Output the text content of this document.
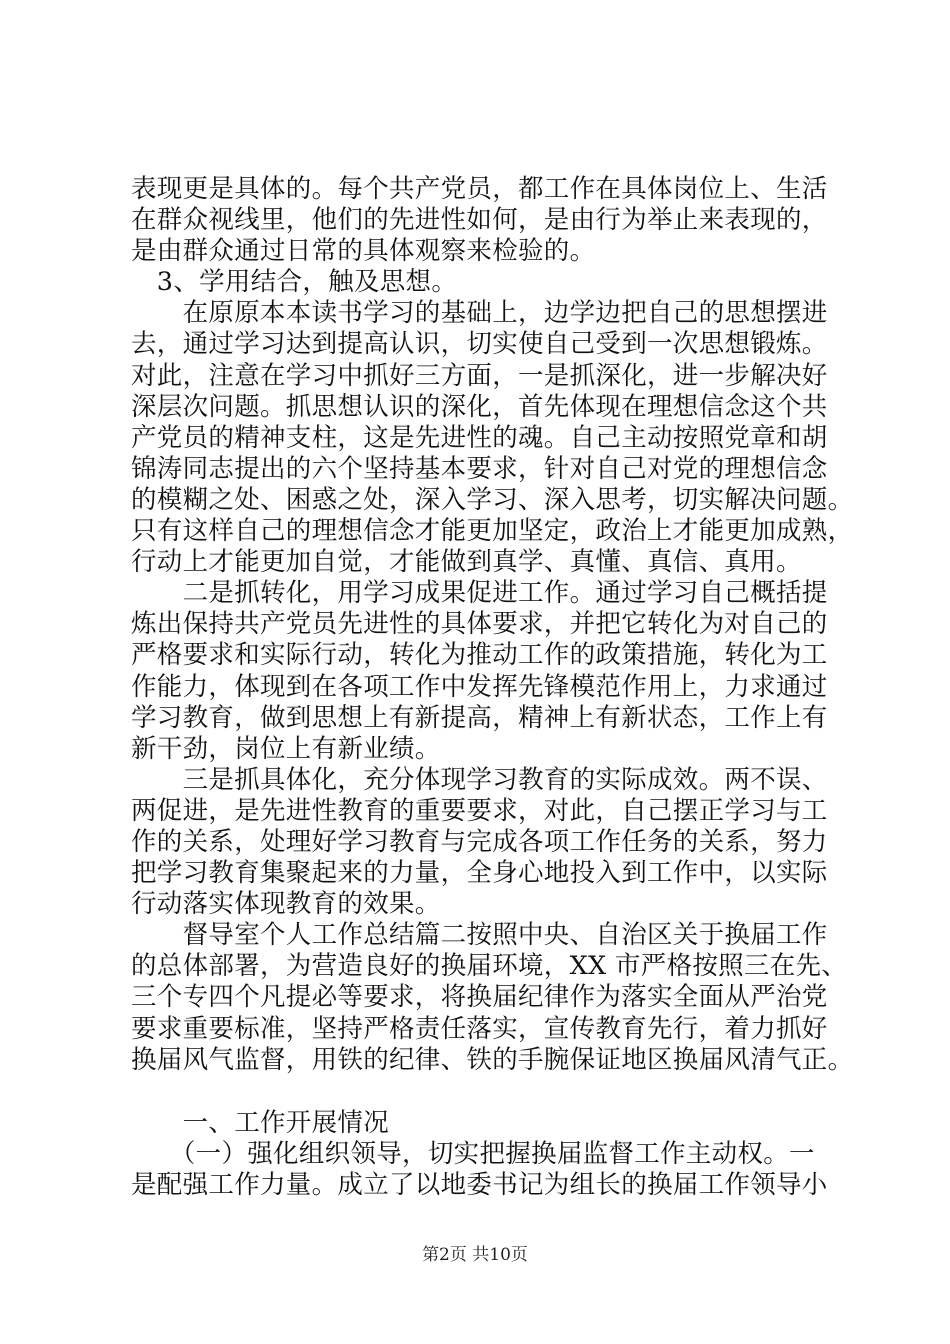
表现更是具体的。每个共产党员，都工作在具体岗位上、生活

在群众视线里，他们的先进性如何，是由行为举止来表现的，

是由群众通过日常的具体观察来检验的。

　3、学用结合，触及思想。

　　在原原本本读书学习的基础上，边学边把自己的思想摆进

去，通过学习达到提高认识，切实使自己受到一次思想锻炼。

对此，注意在学习中抓好三方面，一是抓深化，进一步解决好

深层次问题。抓思想认识的深化，首先体现在理想信念这个共

产党员的精神支柱，这是先进性的魂。自己主动按照党章和胡

锦涛同志提出的六个坚持基本要求，针对自己对党的理想信念

的模糊之处、困惑之处，深入学习、深入思考，切实解决问题。

只有这样自己的理想信念才能更加坚定，政治上才能更加成熟，

行动上才能更加自觉，才能做到真学、真懂、真信、真用。

　　二是抓转化，用学习成果促进工作。通过学习自己概括提

炼出保持共产党员先进性的具体要求，并把它转化为对自己的

严格要求和实际行动，转化为推动工作的政策措施，转化为工

作能力，体现到在各项工作中发挥先锋模范作用上，力求通过

学习教育，做到思想上有新提高，精神上有新状态，工作上有

新干劲，岗位上有新业绩。

　　三是抓具体化，充分体现学习教育的实际成效。两不误、

两促进，是先进性教育的重要要求，对此，自己摆正学习与工

作的关系，处理好学习教育与完成各项工作任务的关系，努力

把学习教育集聚起来的力量，全身心地投入到工作中，以实际

行动落实体现教育的效果。

　　督导室个人工作总结篇二按照中央、自治区关于换届工作

的总体部署，为营造良好的换届环境，XX 市严格按照三在先、

三个专四个凡提必等要求，将换届纪律作为落实全面从严治党

要求重要标准，坚持严格责任落实，宣传教育先行，着力抓好

换届风气监督，用铁的纪律、铁的手腕保证地区换届风清气正。

　　一、工作开展情况

　　（一）强化组织领导，切实把握换届监督工作主动权。一

是配强工作力量。成立了以地委书记为组长的换届工作领导小

第2页 共10页
